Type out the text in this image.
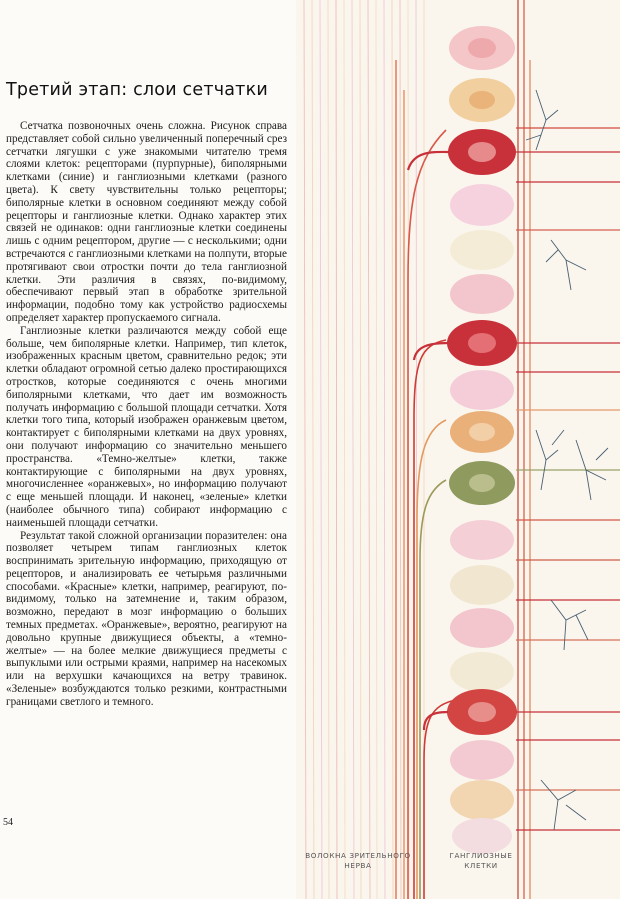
Третий этап: слои сетчатки

Сетчатка позвоночных очень сложна. Рисунок справа представляет собой сильно увеличенный поперечный срез сетчатки лягушки с уже знакомыми читателю тремя слоями клеток: рецепторами (пурпурные), биполярными клетками (синие) и ганглиозными клетками (разного цвета). К свету чувствительны только рецепторы; биполярные клетки в основном соединяют между собой рецепторы и ганглиозные клетки. Однако характер этих связей не одинаков: одни ганглиозные клетки соединены лишь с одним рецептором, другие — с несколькими; одни встречаются с ганглиозными клетками на полпути, вторые протягивают свои отростки почти до тела ганглиозной клетки. Эти различия в связях, по-видимому, обеспечивают первый этап в обработке зрительной информации, подобно тому как устройство радиосхемы определяет характер пропускаемого сигнала.

Ганглиозные клетки различаются между собой еще больше, чем биполярные клетки. Например, тип клеток, изображенных красным цветом, сравнительно редок; эти клетки обладают огромной сетью далеко простирающихся отростков, которые соединяются с очень многими биполярными клетками, что дает им возможность получать информацию с большой площади сетчатки. Хотя клетки того типа, который изображен оранжевым цветом, контактирует с биполярными клетками на двух уровнях, они получают информацию со значительно меньшего пространства. «Темно-желтые» клетки, также контактирующие с биполярными на двух уровнях, многочисленнее «оранжевых», но информацию получают с еще меньшей площади. И наконец, «зеленые» клетки (наиболее обычного типа) собирают информацию с наименьшей площади сетчатки.

Результат такой сложной организации поразителен: она позволяет четырем типам ганглиозных клеток воспринимать зрительную информацию, приходящую от рецепторов, и анализировать ее четырьмя различными способами. «Красные» клетки, например, реагируют, по-видимому, только на затемнение и, таким образом, возможно, передают в мозг информацию о больших темных предметах. «Оранжевые», вероятно, реагируют на довольно крупные движущиеся объекты, а «темно-желтые» — на более мелкие движущиеся предметы с выпуклыми или острыми краями, например на насекомых или на верхушки качающихся на ветру травинок. «Зеленые» возбуждаются только резкими, контрастными границами светлого и темного.

54
ВОЛОКНА ЗРИТЕЛЬНОГО
НЕРВА
ГАНГЛИОЗНЫЕ
КЛЕТКИ
